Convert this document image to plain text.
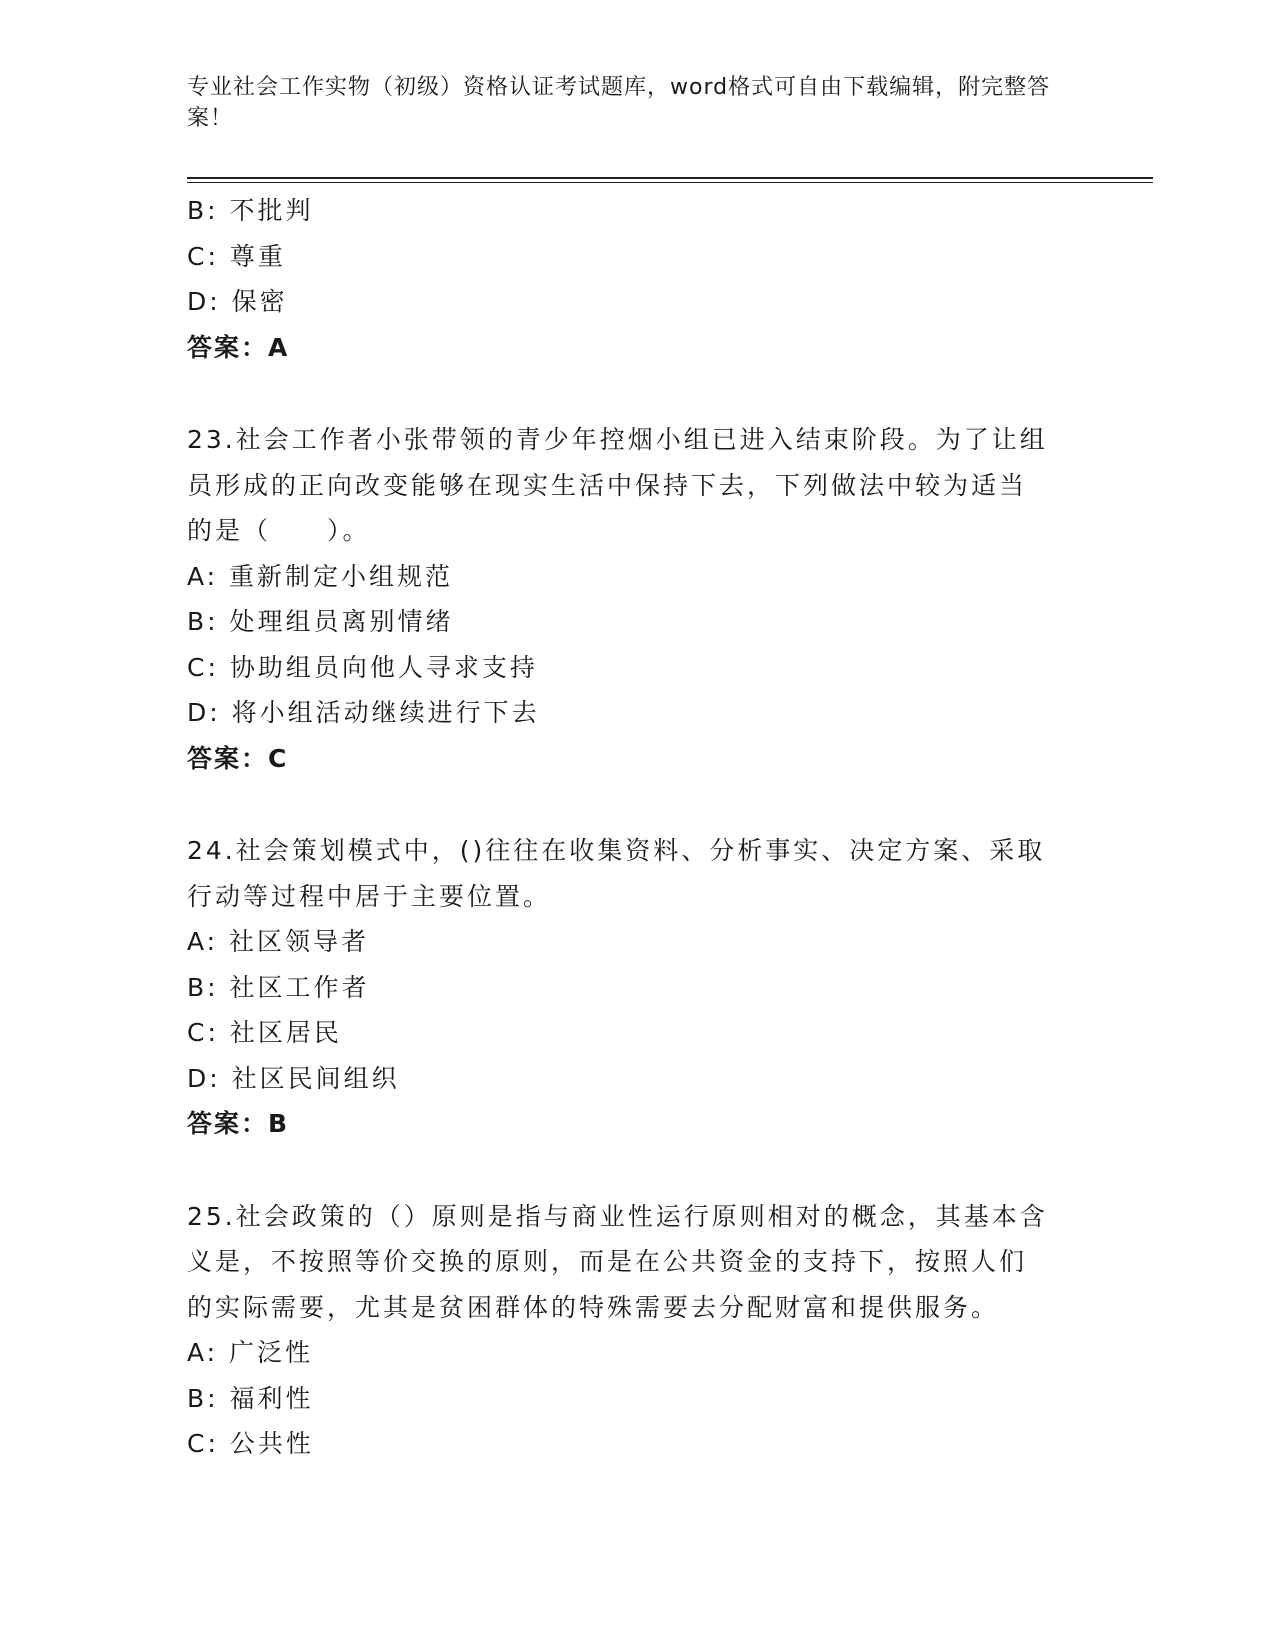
专业社会工作实物（初级）资格认证考试题库，word格式可自由下载编辑，附完整答案！
B: 不批判
C: 尊重
D: 保密
答案：A
23.社会工作者小张带领的青少年控烟小组已进入结束阶段。为了让组
员形成的正向改变能够在现实生活中保持下去，下列做法中较为适当
的是（　　）。
A: 重新制定小组规范
B: 处理组员离别情绪
C: 协助组员向他人寻求支持
D: 将小组活动继续进行下去
答案：C
24.社会策划模式中，()往往在收集资料、分析事实、决定方案、采取
行动等过程中居于主要位置。
A: 社区领导者
B: 社区工作者
C: 社区居民
D: 社区民间组织
答案：B
25.社会政策的（）原则是指与商业性运行原则相对的概念，其基本含
义是，不按照等价交换的原则，而是在公共资金的支持下，按照人们
的实际需要，尤其是贫困群体的特殊需要去分配财富和提供服务。
A: 广泛性
B: 福利性
C: 公共性
